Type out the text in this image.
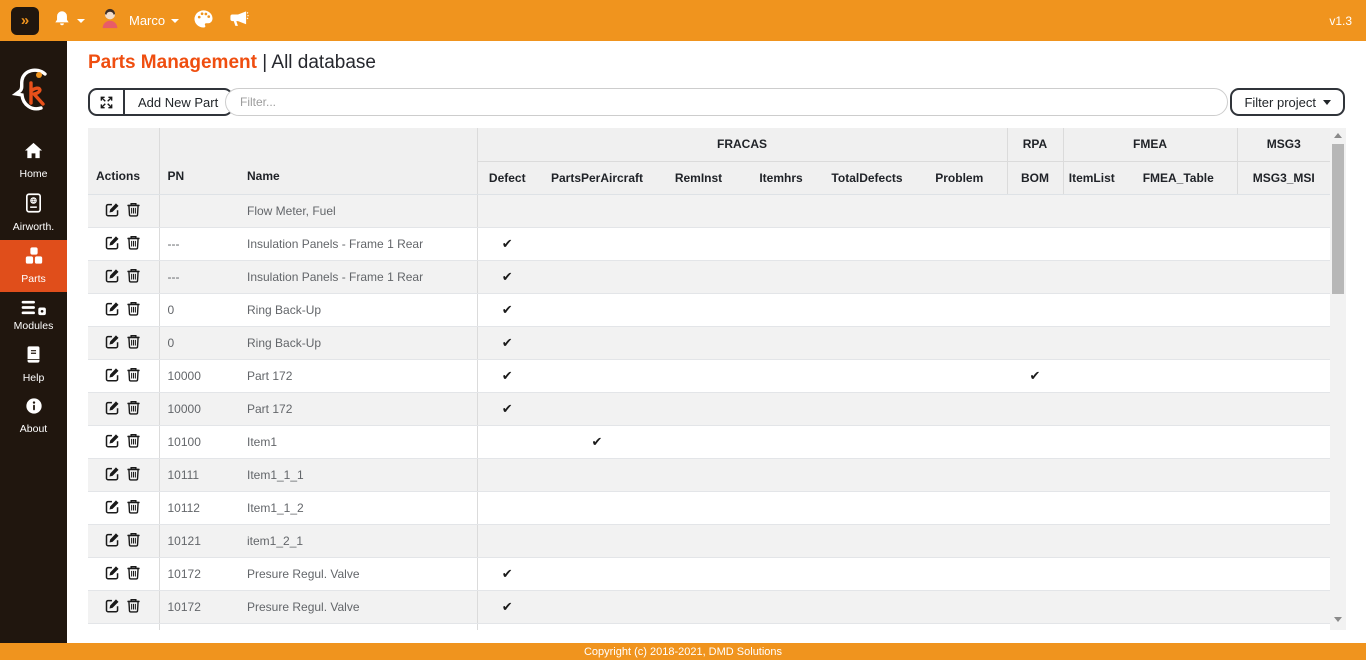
»	Marco	v1.3
Home
Airworth.
Parts
Modules
Help
About
Parts Management | All database
Add New Part
Filter...	Filter project
Actions	PN	Name	FRACAS						RPA	FMEA		MSG3
			Defect	PartsPerAircraft	RemInst	Itemhrs	TotalDefects	Problem	BOM	ItemList	FMEA_Table	MSG3_MSI
		Flow Meter, Fuel										
	---	Insulation Panels - Frame 1 Rear	✔									
	---	Insulation Panels - Frame 1 Rear	✔									
	0	Ring Back-Up	✔									
	0	Ring Back-Up	✔									
	10000	Part 172	✔						✔			
	10000	Part 172	✔									
	10100	Item1		✔								
	10111	Item1_1_1										
	10112	Item1_1_2										
	10121	item1_2_1										
	10172	Presure Regul. Valve	✔									
	10172	Presure Regul. Valve	✔									

Copyright (c) 2018-2021, DMD Solutions
